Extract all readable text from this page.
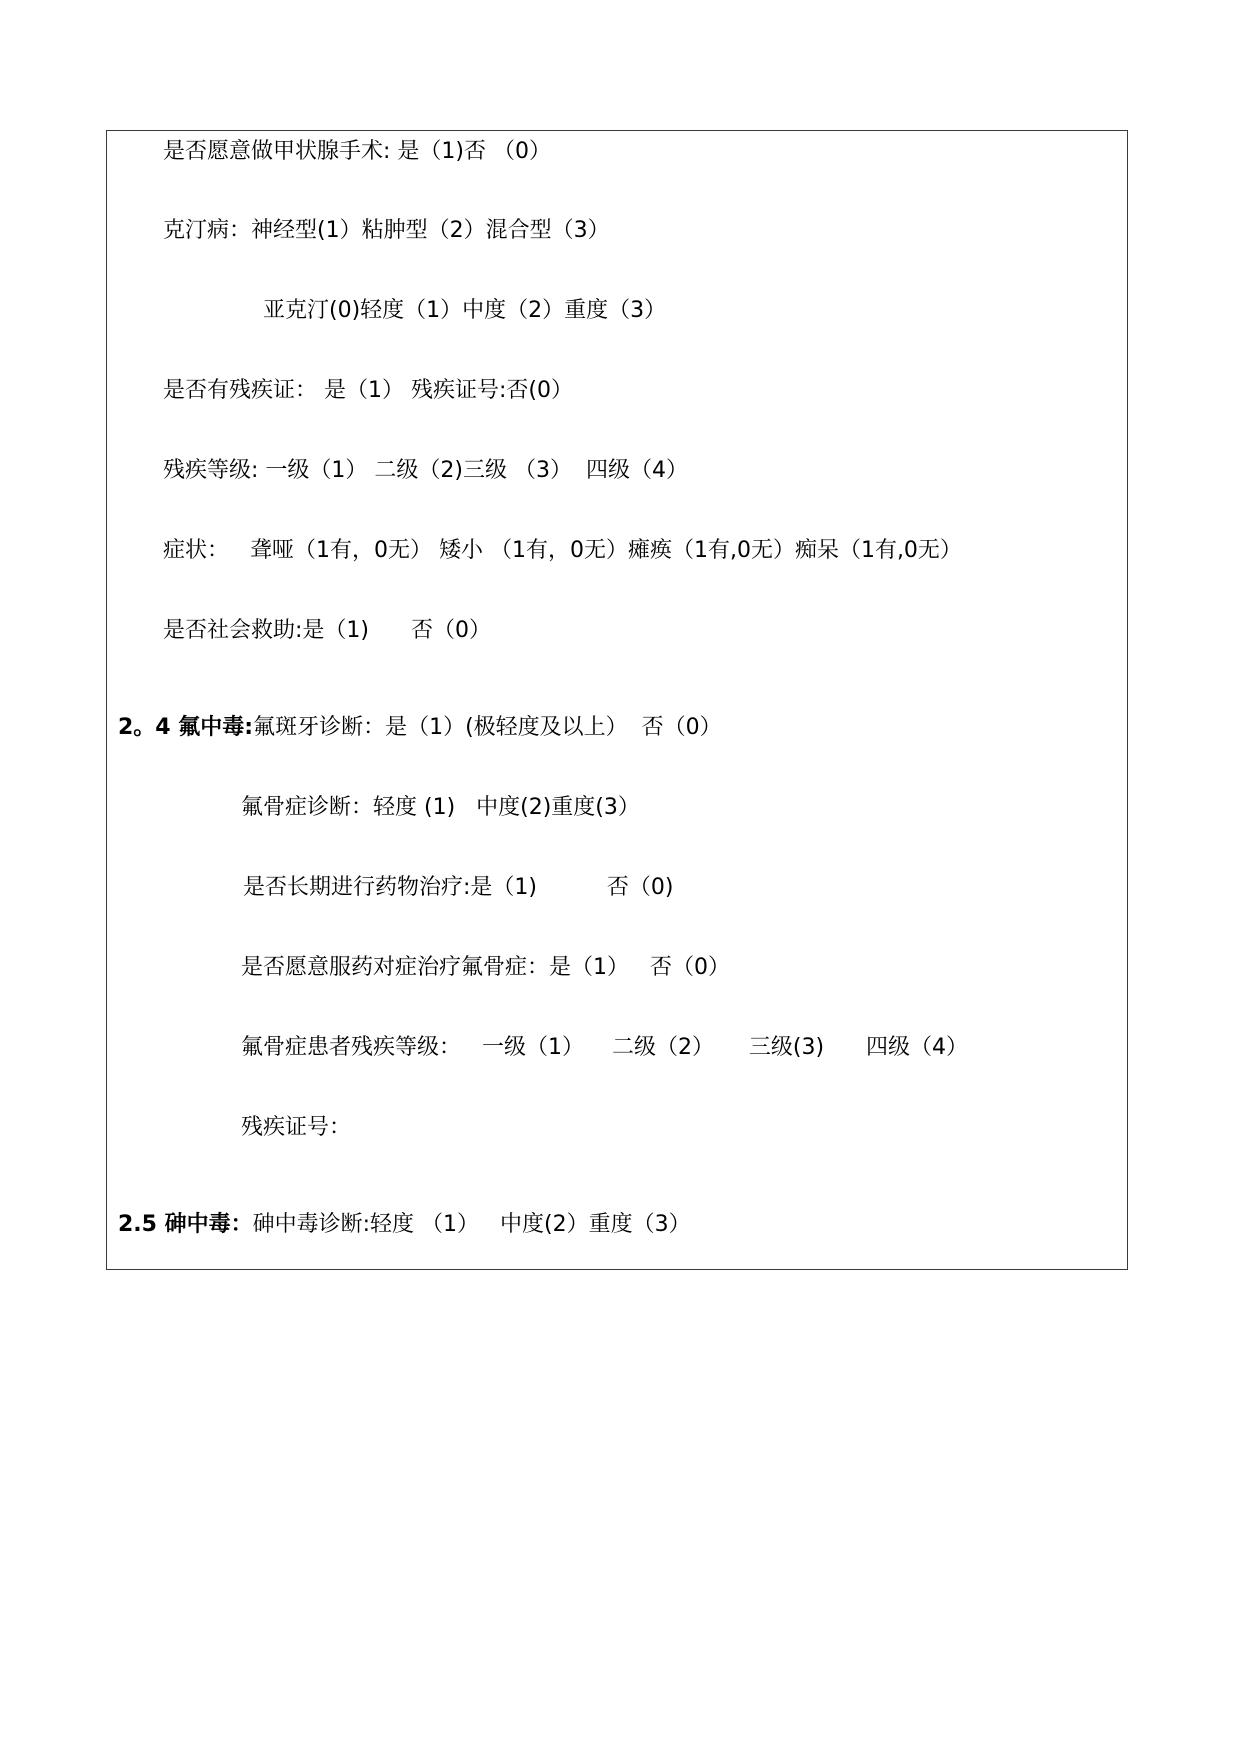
是否愿意做甲状腺手术: 是（1)否 （0）
克汀病：神经型(1）粘肿型（2）混合型（3）
亚克汀(0)轻度（1）中度（2）重度（3）
是否有残疾证： 是（1） 残疾证号:否(0）
残疾等级: 一级（1） 二级（2)三级 （3）  四级（4）
症状：   聋哑（1有，0无） 矮小 （1有，0无）瘫痪（1有,0无）痴呆（1有,0无）
是否社会救助:是（1)      否（0）
2。4 氟中毒:氟斑牙诊断：是（1）(极轻度及以上）  否（0）
氟骨症诊断：轻度 (1)   中度(2)重度(3）
是否长期进行药物治疗:是（1)          否（0)
是否愿意服药对症治疗氟骨症：是（1）   否（0）
氟骨症患者残疾等级：   一级（1）    二级（2）     三级(3)      四级（4）
残疾证号：
2.5 砷中毒：砷中毒诊断:轻度 （1）   中度(2）重度（3）
